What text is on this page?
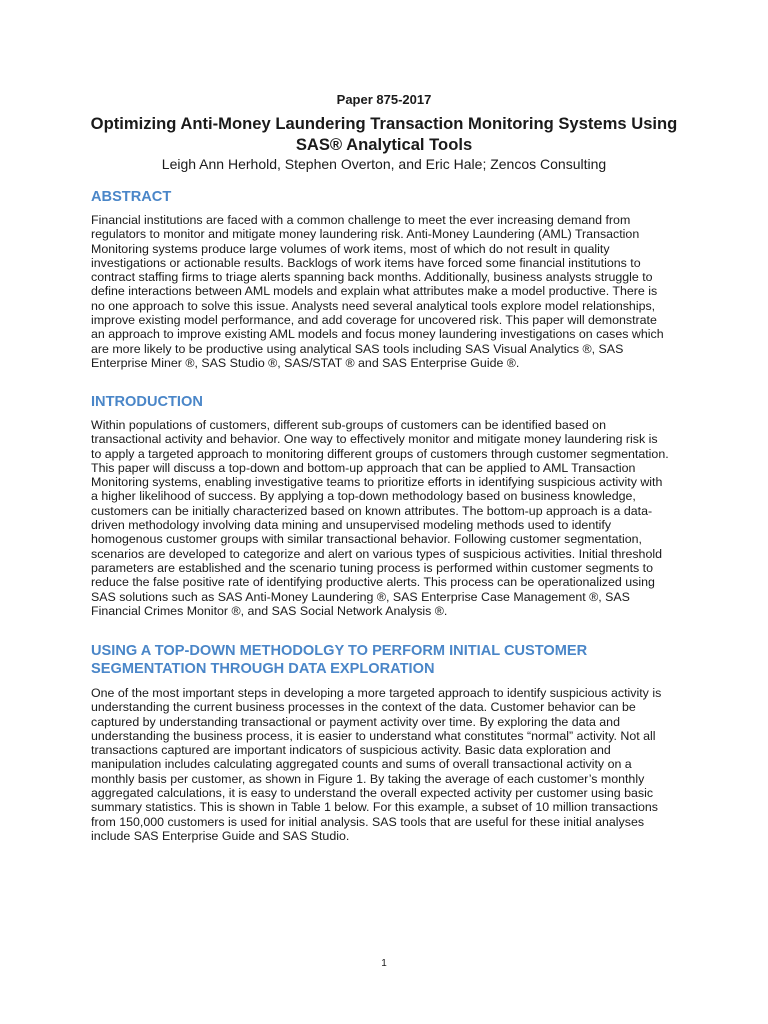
Paper 875-2017
Optimizing Anti-Money Laundering Transaction Monitoring Systems Using
SAS® Analytical Tools
Leigh Ann Herhold, Stephen Overton, and Eric Hale; Zencos Consulting
ABSTRACT
Financial institutions are faced with a common challenge to meet the ever increasing demand from
regulators to monitor and mitigate money laundering risk. Anti-Money Laundering (AML) Transaction
Monitoring systems produce large volumes of work items, most of which do not result in quality
investigations or actionable results. Backlogs of work items have forced some financial institutions to
contract staffing firms to triage alerts spanning back months. Additionally, business analysts struggle to
define interactions between AML models and explain what attributes make a model productive. There is
no one approach to solve this issue. Analysts need several analytical tools explore model relationships,
improve existing model performance, and add coverage for uncovered risk. This paper will demonstrate
an approach to improve existing AML models and focus money laundering investigations on cases which
are more likely to be productive using analytical SAS tools including SAS Visual Analytics ®, SAS
Enterprise Miner ®, SAS Studio ®, SAS/STAT ® and SAS Enterprise Guide ®.
INTRODUCTION
Within populations of customers, different sub-groups of customers can be identified based on
transactional activity and behavior. One way to effectively monitor and mitigate money laundering risk is
to apply a targeted approach to monitoring different groups of customers through customer segmentation.
This paper will discuss a top-down and bottom-up approach that can be applied to AML Transaction
Monitoring systems, enabling investigative teams to prioritize efforts in identifying suspicious activity with
a higher likelihood of success. By applying a top-down methodology based on business knowledge,
customers can be initially characterized based on known attributes. The bottom-up approach is a data-
driven methodology involving data mining and unsupervised modeling methods used to identify
homogenous customer groups with similar transactional behavior. Following customer segmentation,
scenarios are developed to categorize and alert on various types of suspicious activities. Initial threshold
parameters are established and the scenario tuning process is performed within customer segments to
reduce the false positive rate of identifying productive alerts. This process can be operationalized using
SAS solutions such as SAS Anti-Money Laundering ®, SAS Enterprise Case Management ®, SAS
Financial Crimes Monitor ®, and SAS Social Network Analysis ®.
USING A TOP-DOWN METHODOLGY TO PERFORM INITIAL CUSTOMER
SEGMENTATION THROUGH DATA EXPLORATION
One of the most important steps in developing a more targeted approach to identify suspicious activity is
understanding the current business processes in the context of the data. Customer behavior can be
captured by understanding transactional or payment activity over time. By exploring the data and
understanding the business process, it is easier to understand what constitutes “normal” activity. Not all
transactions captured are important indicators of suspicious activity. Basic data exploration and
manipulation includes calculating aggregated counts and sums of overall transactional activity on a
monthly basis per customer, as shown in Figure 1. By taking the average of each customer’s monthly
aggregated calculations, it is easy to understand the overall expected activity per customer using basic
summary statistics. This is shown in Table 1 below. For this example, a subset of 10 million transactions
from 150,000 customers is used for initial analysis. SAS tools that are useful for these initial analyses
include SAS Enterprise Guide and SAS Studio.
1
